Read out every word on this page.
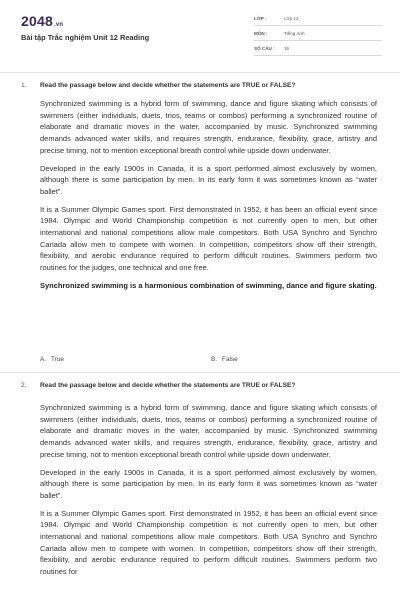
2048.vn
Bài tập Trắc nghiệm Unit 12 Reading
LỚP :	Lớp 12
MÔN :	Tiếng Anh
SỐ CÂU : 16
1. Read the passage below and decide whether the statements are TRUE or FALSE?

Synchronized swimming is a hybrid form of swimming, dance and figure skating which consists of swimmers (either individuals, duets, trios, teams or combos) performing a synchronized routine of elaborate and dramatic moves in the water, accompanied by music. Synchronized swimming demands advanced water skills, and requires strength, endurance, flexibility, grace, artistry and precise timing, not to mention exceptional breath control while upside down underwater.

Developed in the early 1900s in Canada, it is a sport performed almost exclusively by women, although there is some participation by men. In its early form it was sometimes known as “water ballet”.

It is a Summer Olympic Games sport. First demonstrated in 1952, it has been an official event since 1984. Olympic and World Championship competition is not currently open to men, but other international and national competitions allow male competitors. Both USA Synchro and Synchro Canada allow men to compete with women. In competition, competitors show off their strength, flexibility, and aerobic endurance required to perform difficult routines. Swimmers perform two routines for the judges, one technical and one free.

Synchronized swimming is a harmonious combination of swimming, dance and figure skating.

A. True	B. False
2. Read the passage below and decide whether the statements are TRUE or FALSE?

Synchronized swimming is a hybrid form of swimming, dance and figure skating which consists of swimmers (either individuals, duets, trios, teams or combos) performing a synchronized routine of elaborate and dramatic moves in the water, accompanied by music. Synchronized swimming demands advanced water skills, and requires strength, endurance, flexibility, grace, artistry and precise timing, not to mention exceptional breath control while upside down underwater.

Developed in the early 1900s in Canada, it is a sport performed almost exclusively by women, although there is some participation by men. In its early form it was sometimes known as “water ballet”.

It is a Summer Olympic Games sport. First demonstrated in 1952, it has been an official event since 1984. Olympic and World Championship competition is not currently open to men, but other international and national competitions allow male competitors. Both USA Synchro and Synchro Canada allow men to compete with women. In competition, competitors show off their strength, flexibility, and aerobic endurance required to perform difficult routines. Swimmers perform two routines for
